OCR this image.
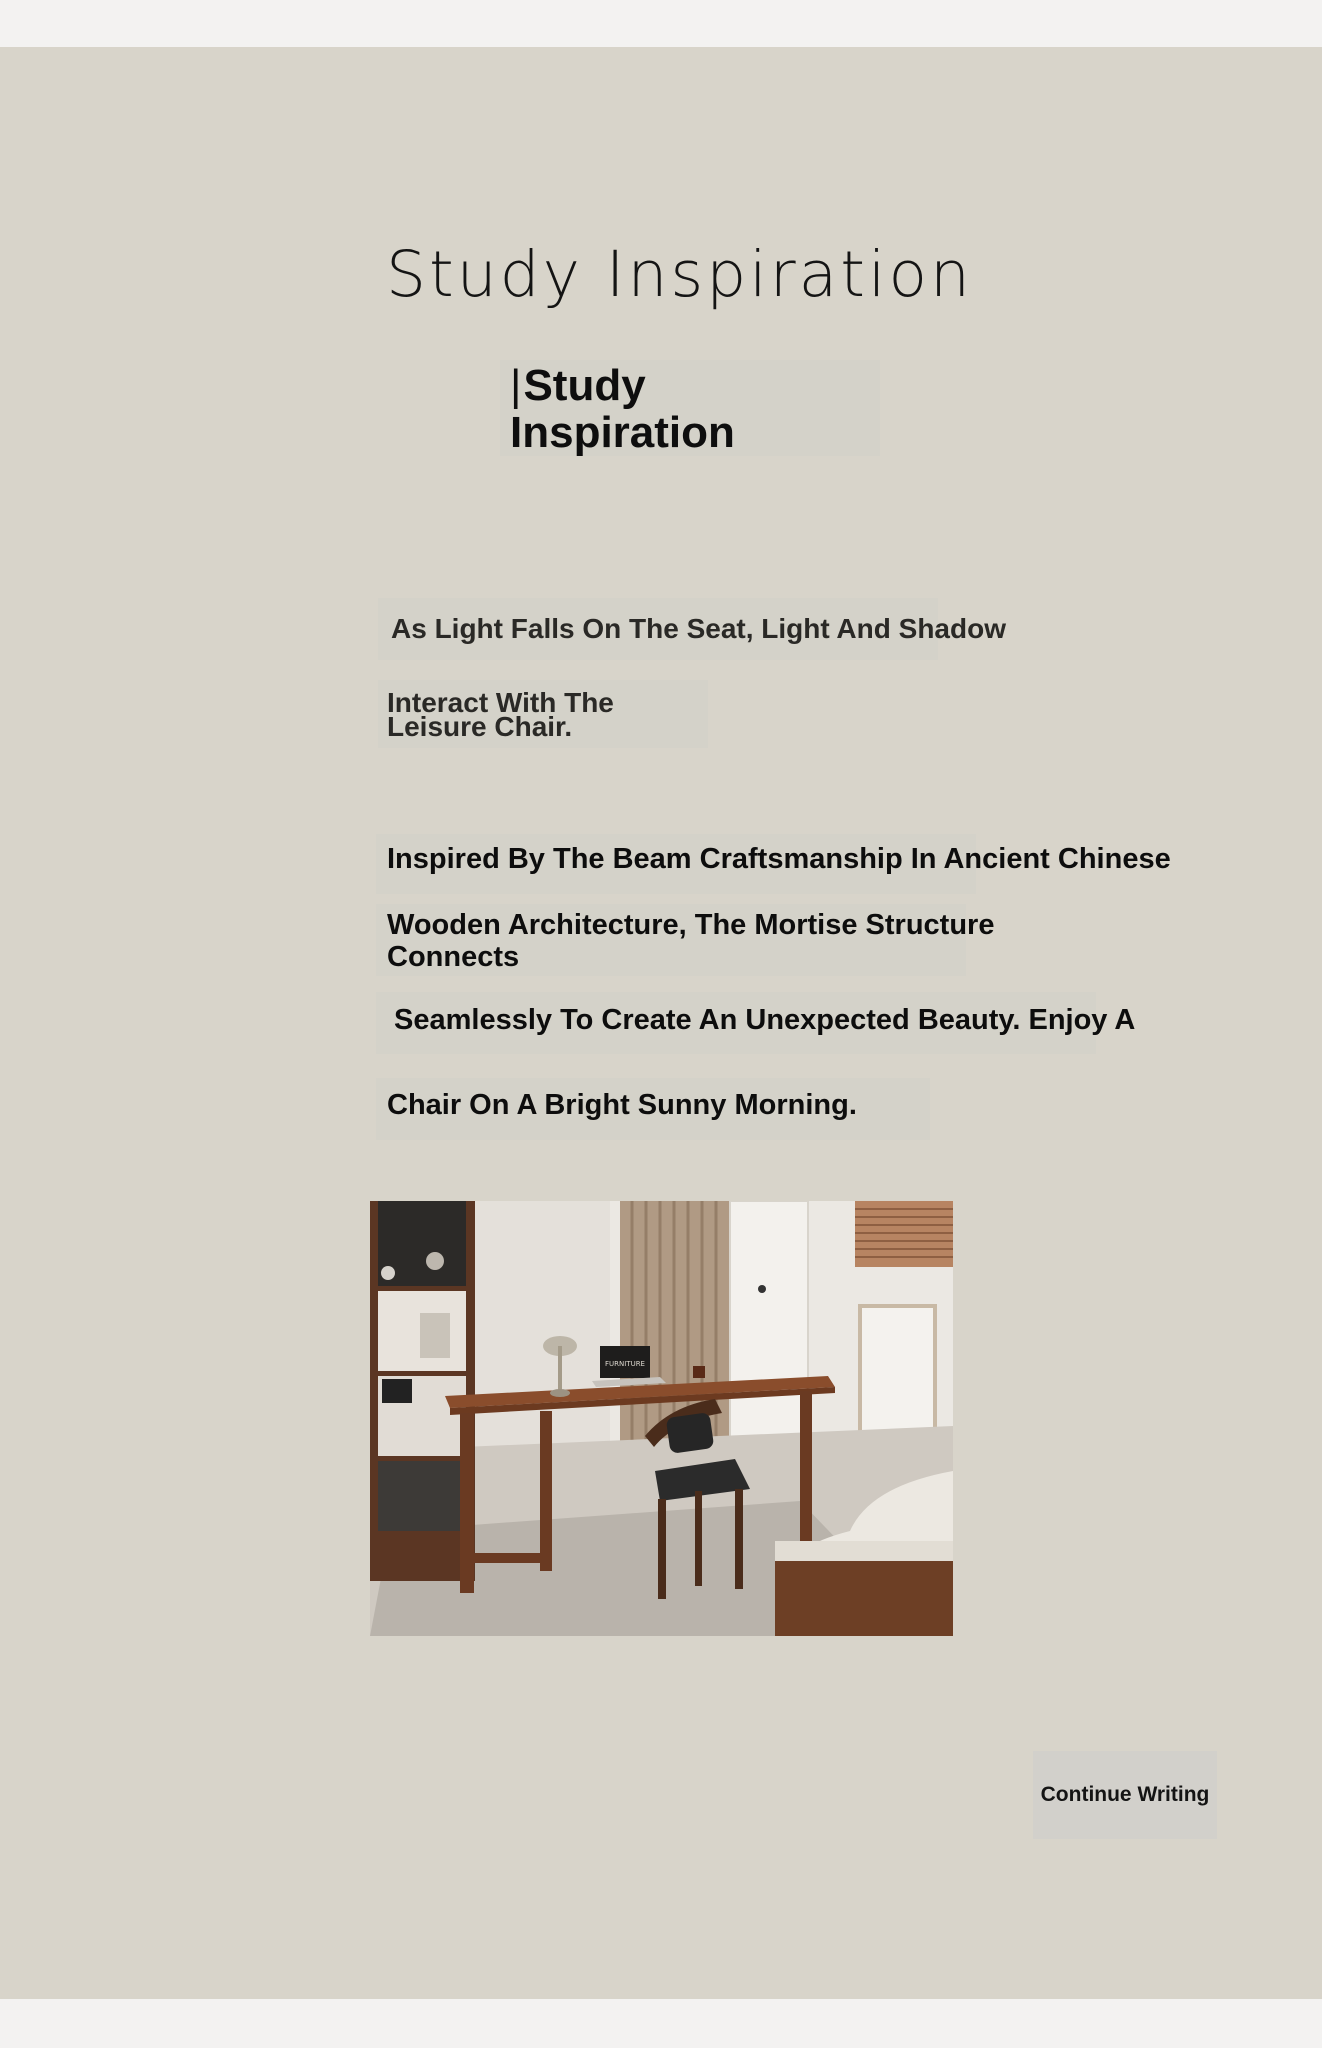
Study Inspiration
|Study
Inspiration
As Light Falls On The Seat, Light And Shadow
Interact With The
Leisure Chair.
Inspired By The Beam Craftsmanship In Ancient Chinese
Wooden Architecture, The Mortise Structure
Connects
Seamlessly To Create An Unexpected Beauty. Enjoy A
Chair On A Bright Sunny Morning.
FURNITURE
Continue Writing
